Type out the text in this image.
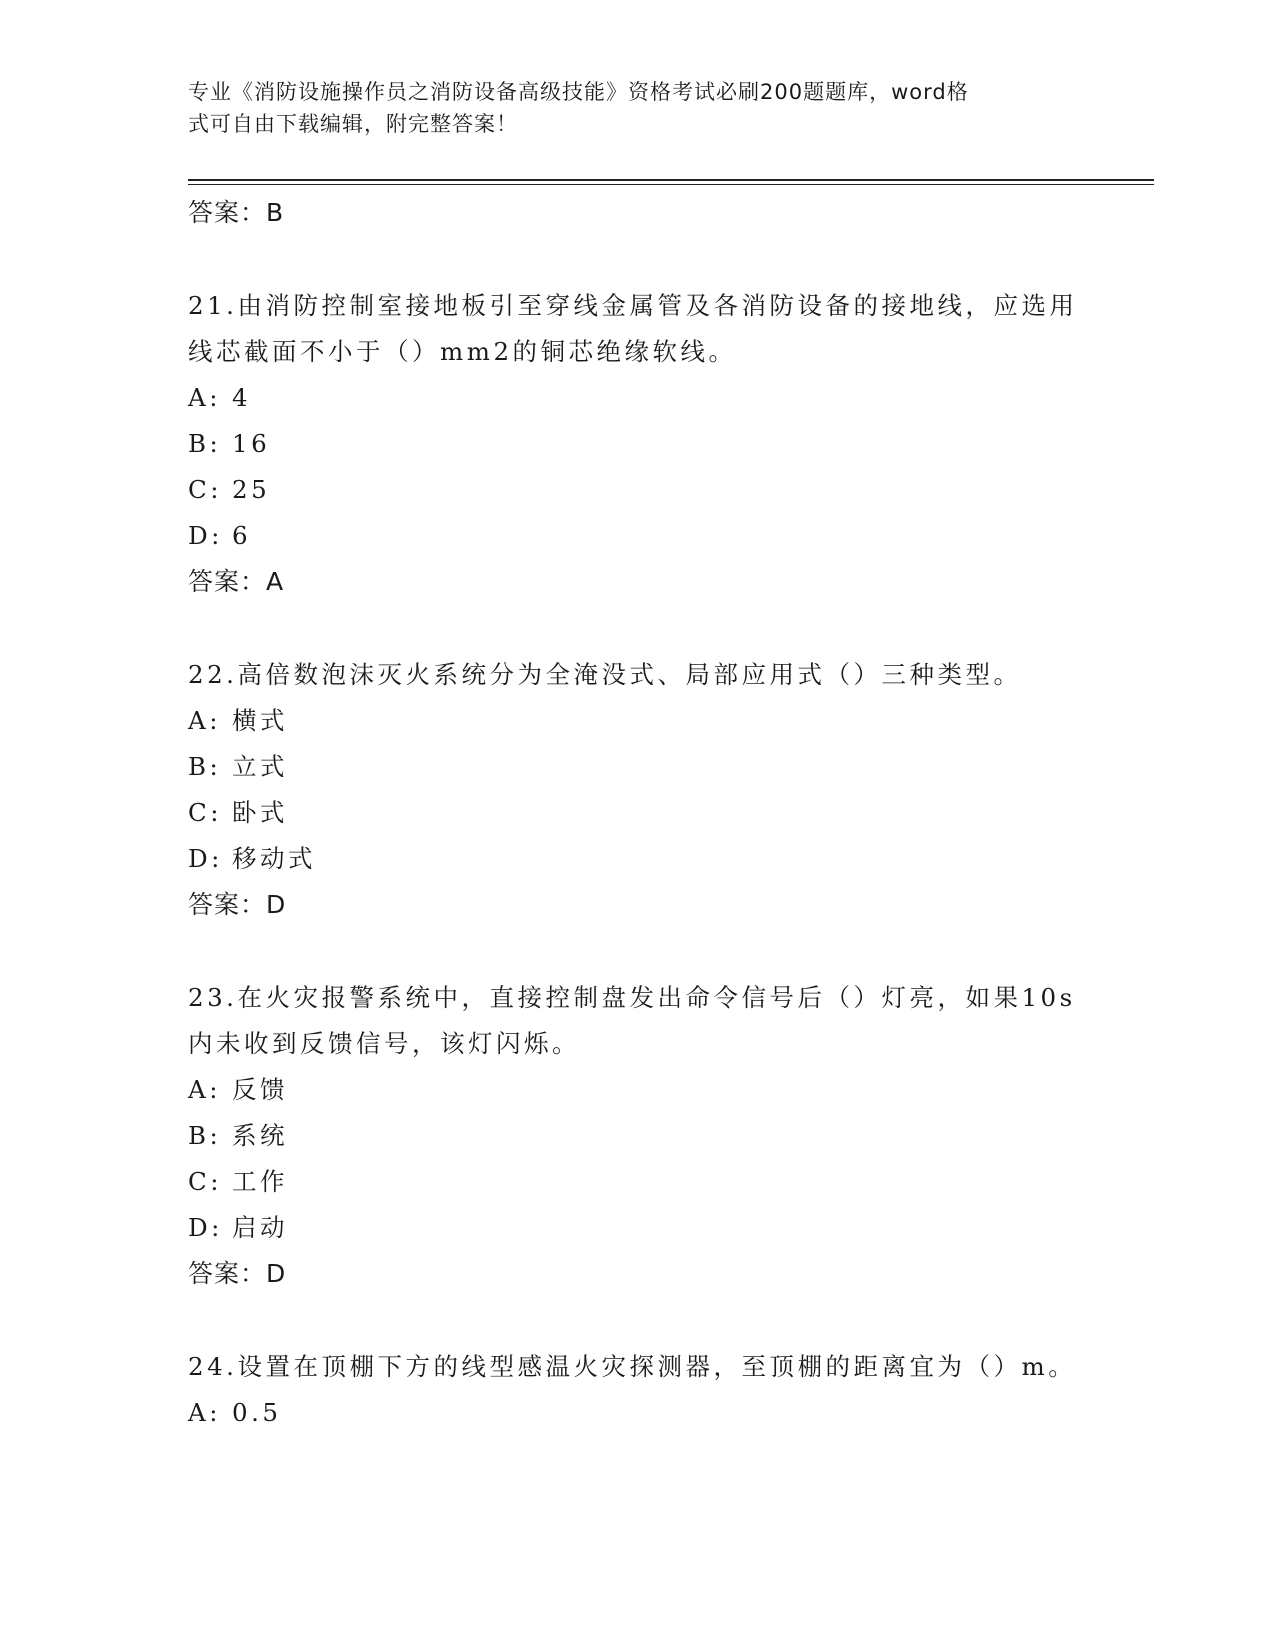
专业《消防设施操作员之消防设备高级技能》资格考试必刷200题题库，word格
式可自由下载编辑，附完整答案！
答案： B
21.由消防控制室接地板引至穿线金属管及各消防设备的接地线，应选用线芯截面不小于（）mm2的铜芯绝缘软线。
A: 4
B: 16
C: 25
D: 6
答案： A
22.高倍数泡沫灭火系统分为全淹没式、局部应用式（）三种类型。
A: 横式
B: 立式
C: 卧式
D: 移动式
答案： D
23.在火灾报警系统中，直接控制盘发出命令信号后（）灯亮，如果10s内未收到反馈信号，该灯闪烁。
A: 反馈
B: 系统
C: 工作
D: 启动
答案： D
24.设置在顶棚下方的线型感温火灾探测器，至顶棚的距离宜为（）m。
A: 0.5
